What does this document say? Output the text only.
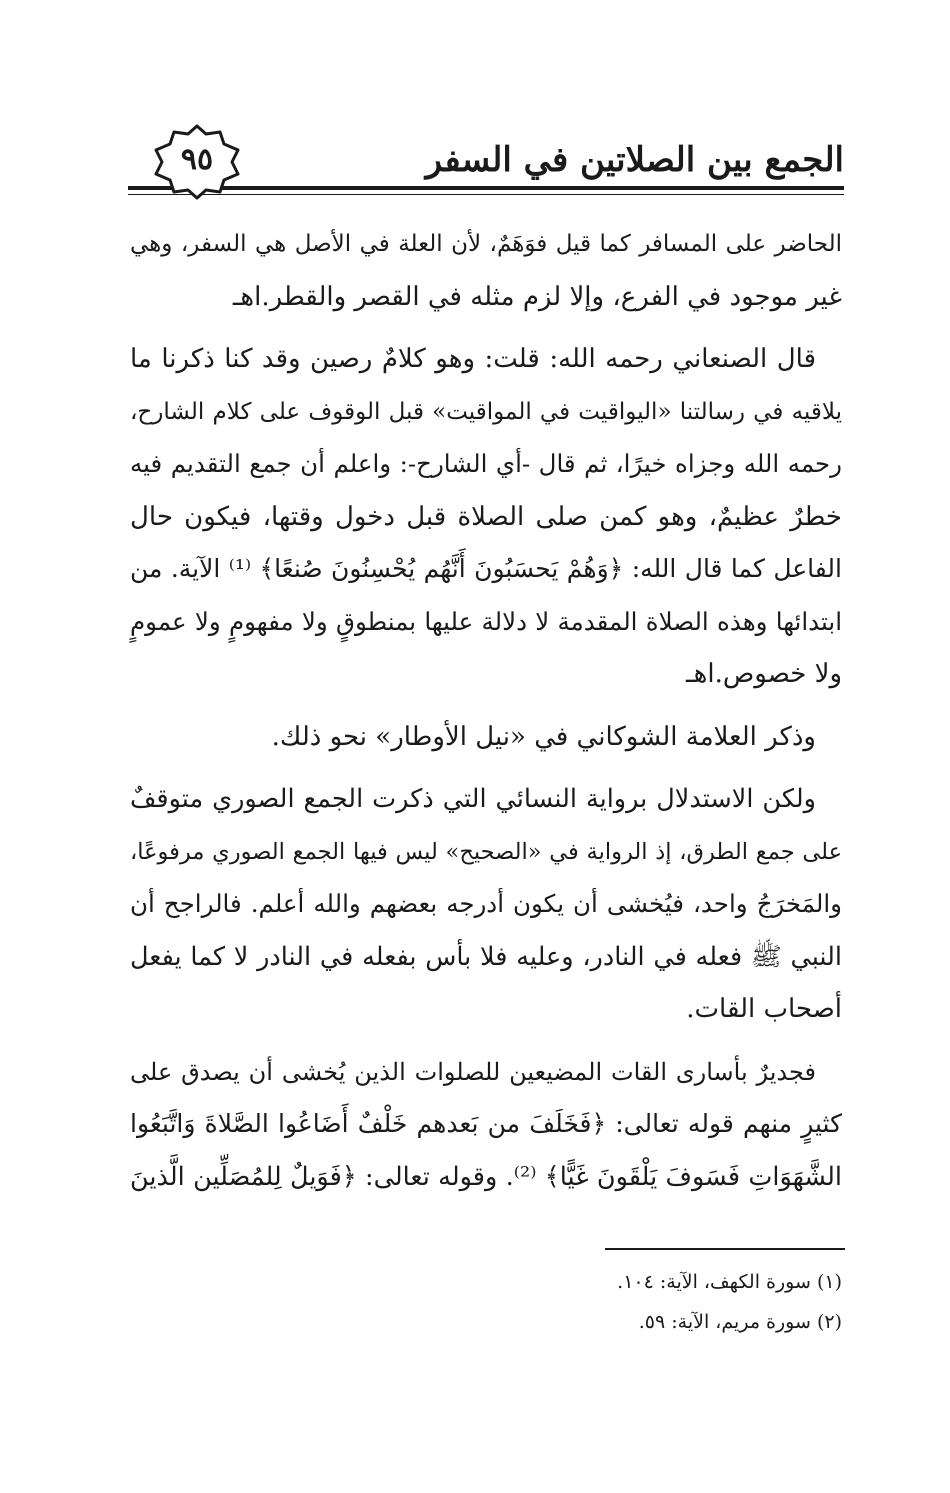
الجمع بين الصلاتين في السفر
٩٥

الحاضر على المسافر كما قيل فوَهَمٌ، لأن العلة في الأصل هي السفر، وهي
غير موجود في الفرع، وإلا لزم مثله في القصر والقطر.اهـ

قال الصنعاني رحمه الله: قلت: وهو كلامٌ رصين وقد كنا ذكرنا ما
يلاقيه في رسالتنا «اليواقيت في المواقيت» قبل الوقوف على كلام الشارح،
رحمه الله وجزاه خيرًا، ثم قال -أي الشارح-: واعلم أن جمع التقديم فيه
خطرٌ عظيمٌ، وهو كمن صلى الصلاة قبل دخول وقتها، فيكون حال
الفاعل كما قال الله: ﴿وَهُمْ يَحسَبُونَ أَنَّهُم يُحْسِنُونَ صُنعًا﴾ ⁽¹⁾ الآية. من
ابتدائها وهذه الصلاة المقدمة لا دلالة عليها بمنطوقٍ ولا مفهومٍ ولا عمومٍ
ولا خصوص.اهـ

وذكر العلامة الشوكاني في «نيل الأوطار» نحو ذلك.

ولكن الاستدلال برواية النسائي التي ذكرت الجمع الصوري متوقفٌ
على جمع الطرق، إذ الرواية في «الصحيح» ليس فيها الجمع الصوري مرفوعًا،
والمَخرَجُ واحد، فيُخشى أن يكون أدرجه بعضهم والله أعلم. فالراجح أن
النبي ﷺ فعله في النادر، وعليه فلا بأس بفعله في النادر لا كما يفعل
أصحاب القات.

فجديرٌ بأسارى القات المضيعين للصلوات الذين يُخشى أن يصدق على
كثيرٍ منهم قوله تعالى: ﴿فَخَلَفَ من بَعدهم خَلْفٌ أَضَاعُوا الصَّلاةَ وَاتَّبَعُوا
الشَّهَوَاتِ فَسَوفَ يَلْقَونَ غَيًّا﴾ ⁽²⁾. وقوله تعالى: ﴿فَوَيلٌ لِلمُصَلِّين الَّذينَ

(١) سورة الكهف، الآية: ١٠٤.
(٢) سورة مريم، الآية: ٥٩.
